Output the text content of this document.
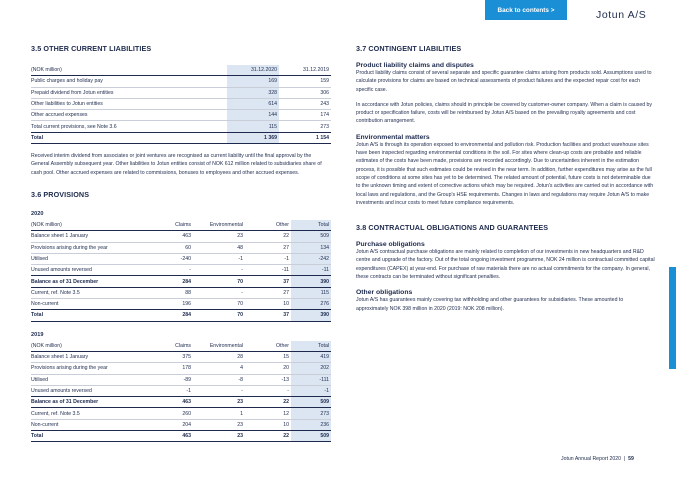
Back to contents >	Jotun A/S
3.5 OTHER CURRENT LIABILITIES
(NOK million)	31.12.2020	31.12.2019
Public charges and holiday pay	169	159
Prepaid dividend from Jotun entities	328	306
Other liabilities to Jotun entities	614	243
Other accrued expenses	144	174
Total current provisions, see Note 3.6	115	273
Total	1 369	1 154

Received interim dividend from associates or joint ventures are recognised as current liability until the final approval by the General Assembly subsequent year. Other liabilities to Jotun entities consist of NOK 612 million related to subsidiaries share of cash pool. Other accrued expenses are related to commissions, bonuses to employees and other accrued expenses.

3.6 PROVISIONS
2020
(NOK million)	Claims	Environmental	Other	Total
Balance sheet 1 January	463	23	22	509
Provisions arising during the year	60	48	27	134
Utilised	-240	-1	-1	-242
Unused amounts reversed	-	-	-11	-11
Balance as of 31 December	284	70	37	390
Current, ref. Note 3.5	88	-	27	115
Non-current	196	70	10	276
Total	284	70	37	390
2019
(NOK million)	Claims	Environmental	Other	Total
Balance sheet 1 January	375	28	15	419
Provisions arising during the year	178	4	20	202
Utilised	-89	-8	-13	-111
Unused amounts reversed	-1	-	-	-1
Balance as of 31 December	463	23	22	509
Current, ref. Note 3.5	260	1	12	273
Non-current	204	23	10	236
Total	463	23	22	509
3.7 CONTINGENT LIABILITIES
Product liability claims and disputes

Product liability claims consist of several separate and specific guarantee claims arising from products sold. Assumptions used to calculate provisions for claims are based on technical assessments of product failures and the expected repair cost for each specific case.

In accordance with Jotun policies, claims should in principle be covered by customer-owner company. When a claim is caused by product or specification failure, costs will be reimbursed by Jotun A/S based on the prevailing royalty agreements and cost contribution arrangement.

Environmental matters

Jotun A/S is through its operation exposed to environmental and pollution risk. Production facilities and product warehouse sites have been inspected regarding environmental conditions in the soil. For sites where clean-up costs are probable and reliable estimates of the costs have been made, provisions are recorded accordingly. Due to uncertainties inherent in the estimation process, it is possible that such estimates could be revised in the near term. In addition, further expenditures may arise as the full scope of conditions at some sites has yet to be determined. The related amount of potential, future costs is not determinable due to the unknown timing and extent of corrective actions which may be required. Jotun's activities are carried out in accordance with local laws and regulations, and the Group's HSE requirements. Changes in laws and regulations may require Jotun A/S to make investments and incur costs to meet future compliance requirements.

3.8 CONTRACTUAL OBLIGATIONS AND GUARANTEES
Purchase obligations

Jotun A/S contractual purchase obligations are mainly related to completion of our investments in new headquarters and R&D centre and upgrade of the factory. Out of the total ongoing investment programme, NOK 24 million is contractual committed capital expenditures (CAPEX) at year-end. For purchase of raw materials there are no actual commitments for the company. In general, these contracts can be terminated without significant penalties.

Other obligations

Jotun A/S has guarantees mainly covering tax withholding and other guarantees for subsidiaries. These amounted to approximately NOK 398 million in 2020 (2019: NOK 208 million).

Jotun Annual Report 2020  |  59
